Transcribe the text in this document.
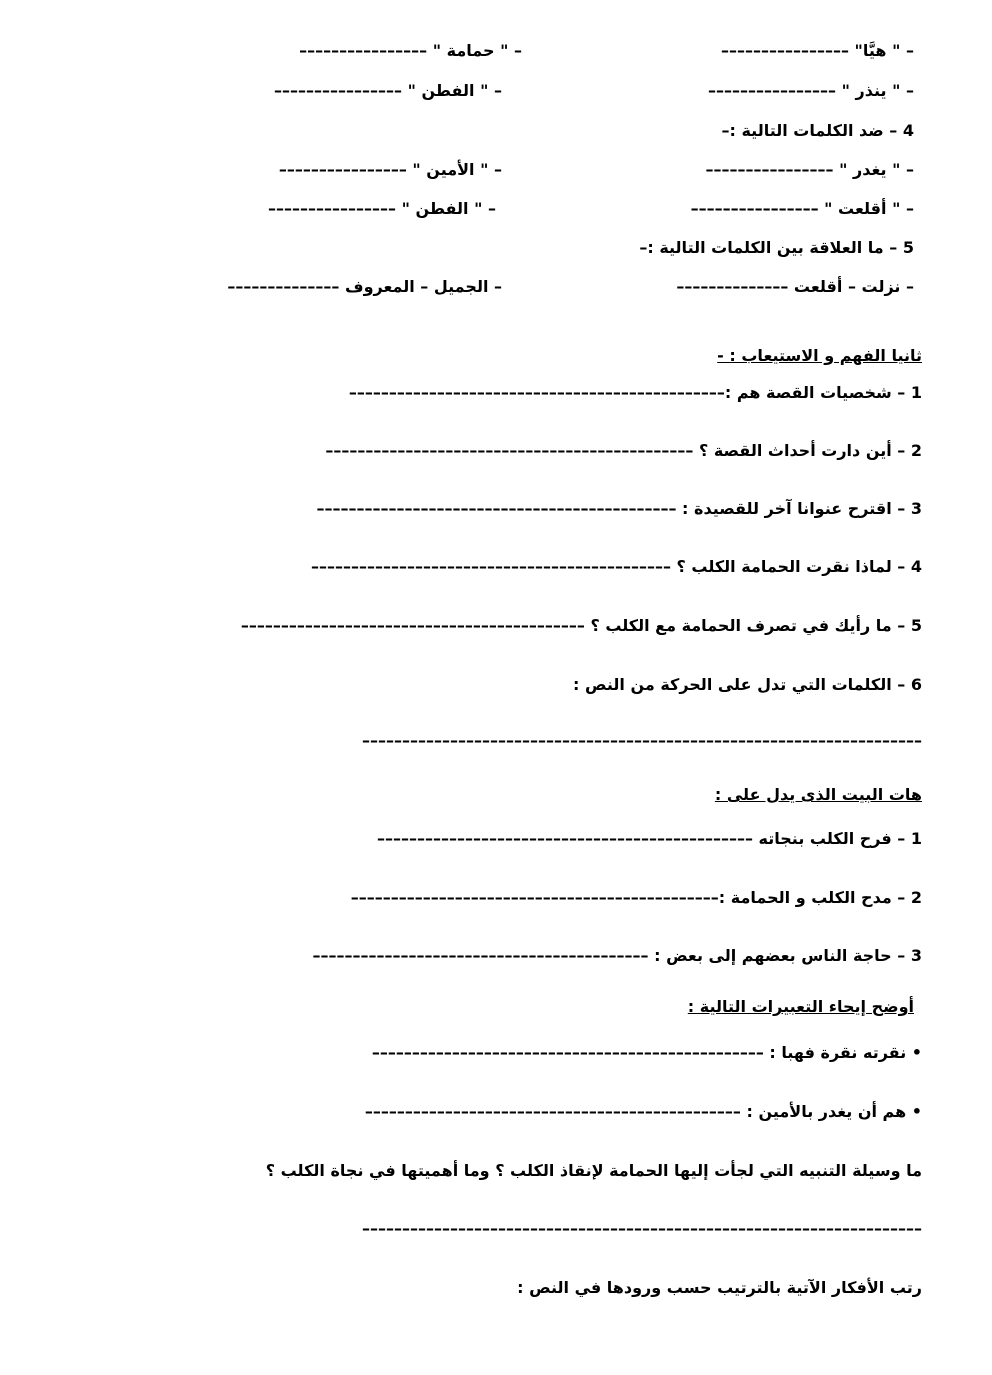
– " هيَّا" ––––––––––––––––
– " حمامة " ––––––––––––––––
– " ينذر " ––––––––––––––––
– " الفطن " ––––––––––––––––
4 – ضد الكلمات التالية :–
– " يغدر " ––––––––––––––––
– " الأمين " ––––––––––––––––
– " أقلعت " ––––––––––––––––
– " الفطن " ––––––––––––––––
5 – ما العلاقة بين الكلمات التالية :–
– نزلت – أقلعت ––––––––––––––
– الجميل – المعروف ––––––––––––––
ثانيا الفهم و الاستيعاب : -
1 – شخصيات القصة هم :–––––––––––––––––––––––––––––––––––––––––––––––
2 – أين دارت أحداث القصة ؟ ––––––––––––––––––––––––––––––––––––––––––––––
3 – اقترح عنوانا آخر للقصيدة : –––––––––––––––––––––––––––––––––––––––––––––
4 – لماذا نقرت الحمامة الكلب ؟ –––––––––––––––––––––––––––––––––––––––––––––
5 – ما رأيك في تصرف الحمامة مع الكلب ؟ –––––––––––––––––––––––––––––––––––––––––––
6 – الكلمات التي تدل على الحركة من النص :
––––––––––––––––––––––––––––––––––––––––––––––––––––––––––––––––––––––
هات البيت الذى يدل على :
1 – فرح الكلب بنجاته –––––––––––––––––––––––––––––––––––––––––––––––
2 – مدح الكلب و الحمامة :––––––––––––––––––––––––––––––––––––––––––––––
3 – حاجة الناس بعضهم إلى بعض : ––––––––––––––––––––––––––––––––––––––––––
أوضح إيحاء التعبيرات التالية :
• نقرته نقرة فهبا : –––––––––––––––––––––––––––––––––––––––––––––––––
• هم أن يغدر بالأمين : –––––––––––––––––––––––––––––––––––––––––––––––
ما وسيلة التنبيه التي لجأت إليها الحمامة لإنقاذ الكلب ؟ وما أهميتها في نجاة الكلب ؟
––––––––––––––––––––––––––––––––––––––––––––––––––––––––––––––––––––––
رتب الأفكار الآتية بالترتيب حسب ورودها في النص :
